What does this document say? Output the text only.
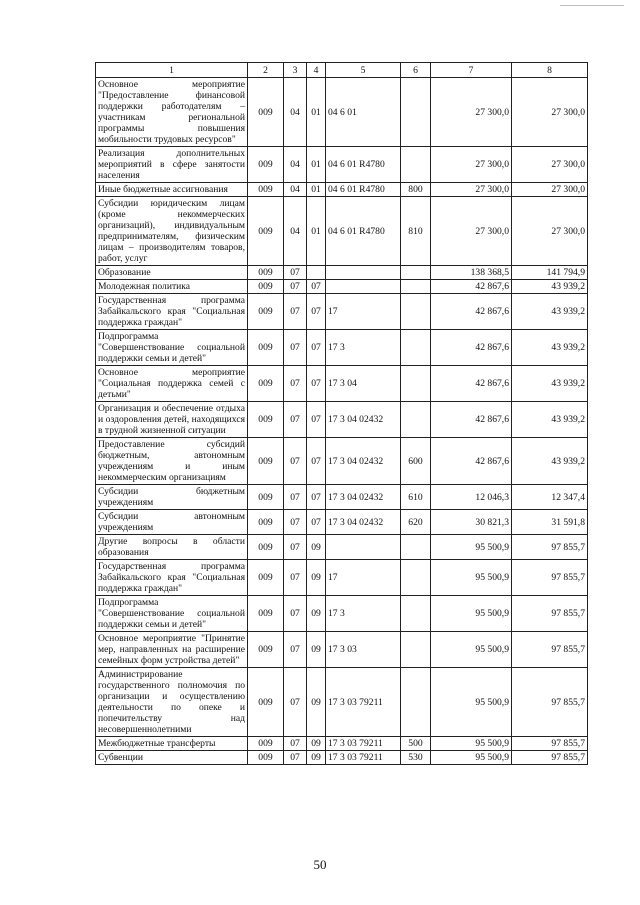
1	2	3	4	5	6	7	8
Основное мероприятие "Предоставление финансовой поддержки работодателям – участникам региональной программы повышения мобильности трудовых ресурсов"	009	04	01	04 6 01		27 300,0	27 300,0
Реализация дополнительных мероприятий в сфере занятости населения	009	04	01	04 6 01 R4780		27 300,0	27 300,0
Иные бюджетные ассигнования	009	04	01	04 6 01 R4780	800	27 300,0	27 300,0
Субсидии юридическим лицам (кроме некоммерческих организаций), индивидуальным предпринимателям, физическим лицам – производителям товаров, работ, услуг	009	04	01	04 6 01 R4780	810	27 300,0	27 300,0
Образование	009	07				138 368,5	141 794,9
Молодежная политика	009	07	07			42 867,6	43 939,2
Государственная программа Забайкальского края "Социальная поддержка граждан"	009	07	07	17		42 867,6	43 939,2
Подпрограмма "Совершенствование социальной поддержки семьи и детей"	009	07	07	17 3		42 867,6	43 939,2
Основное мероприятие "Социальная поддержка семей с детьми"	009	07	07	17 3 04		42 867,6	43 939,2
Организация и обеспечение отдыха и оздоровления детей, находящихся в трудной жизненной ситуации	009	07	07	17 3 04 02432		42 867,6	43 939,2
Предоставление субсидий бюджетным, автономным учреждениям и иным некоммерческим организациям	009	07	07	17 3 04 02432	600	42 867,6	43 939,2
Субсидии бюджетным учреждениям	009	07	07	17 3 04 02432	610	12 046,3	12 347,4
Субсидии автономным учреждениям	009	07	07	17 3 04 02432	620	30 821,3	31 591,8
Другие вопросы в области образования	009	07	09			95 500,9	97 855,7
Государственная программа Забайкальского края "Социальная поддержка граждан"	009	07	09	17		95 500,9	97 855,7
Подпрограмма "Совершенствование социальной поддержки семьи и детей"	009	07	09	17 3		95 500,9	97 855,7
Основное мероприятие "Принятие мер, направленных на расширение семейных форм устройства детей"	009	07	09	17 3 03		95 500,9	97 855,7
Администрирование государственного полномочия по организации и осуществлению деятельности по опеке и попечительству над несовершеннолетними	009	07	09	17 3 03 79211		95 500,9	97 855,7
Межбюджетные трансферты	009	07	09	17 3 03 79211	500	95 500,9	97 855,7
Субвенции	009	07	09	17 3 03 79211	530	95 500,9	97 855,7
50
